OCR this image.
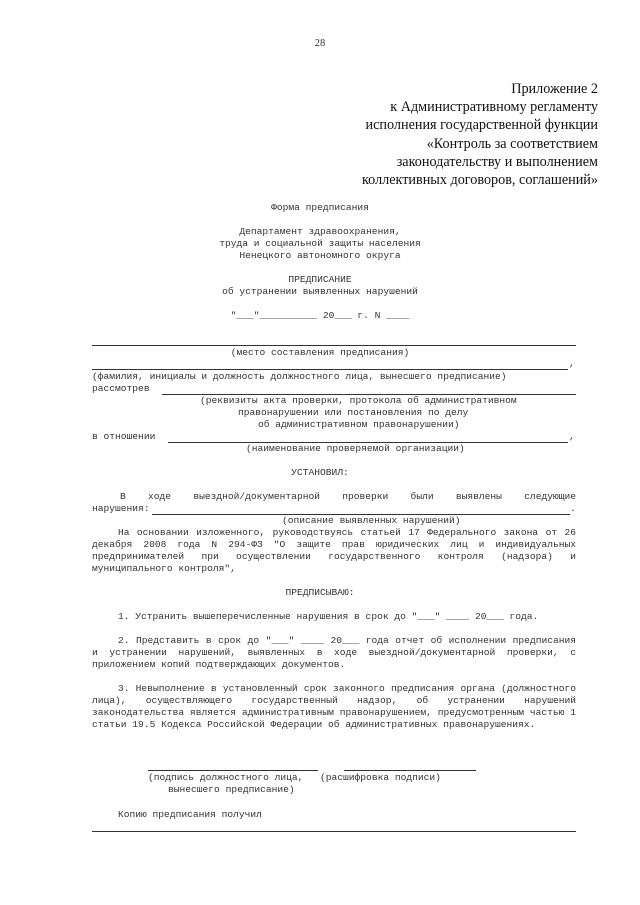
28
Приложение 2
к Административному регламенту
исполнения государственной функции
«Контроль за соответствием
законодательству и выполнением
коллективных договоров, соглашений»
Форма предписания
Департамент здравоохранения,
труда и социальной защиты населения
Ненецкого автономного округа
ПРЕДПИСАНИЕ
об устранении выявленных нарушений
"___"__________ 20___ г. N ____
(место составления предписания)
,
(фамилия, инициалы и должность должностного лица, вынесшего предписание)
рассмотрев
(реквизиты акта проверки, протокола об административном
правонарушении или постановления по делу
об административном правонарушении)
в отношении	,
(наименование проверяемой организации)
УСТАНОВИЛ:
В ходе выездной/документарной проверки были выявлены следующие
нарушения:	.
(описание выявленных нарушений)
На основании изложенного, руководствуясь статьей 17 Федерального закона от 26 декабря 2008 года N 294-ФЗ "О защите прав юридических лиц и индивидуальных предпринимателей при осуществлении государственного контроля (надзора) и муниципального контроля",
ПРЕДПИСЫВАЮ:
1. Устранить вышеперечисленные нарушения в срок до "___" ____ 20___ года.
2. Представить в срок до "___" ____ 20___ года отчет об исполнении предписания и устранении нарушений, выявленных в ходе выездной/документарной проверки, с приложением копий подтверждающих документов.
3. Невыполнение в установленный срок законного предписания органа (должностного лица), осуществляющего государственный надзор, об устранении нарушений законодательства является административным правонарушением, предусмотренным частью 1 статьи 19.5 Кодекса Российской Федерации об административных правонарушениях.
(подпись должностного лица,
вынесшего предписание)
(расшифровка подписи)
Копию предписания получил
